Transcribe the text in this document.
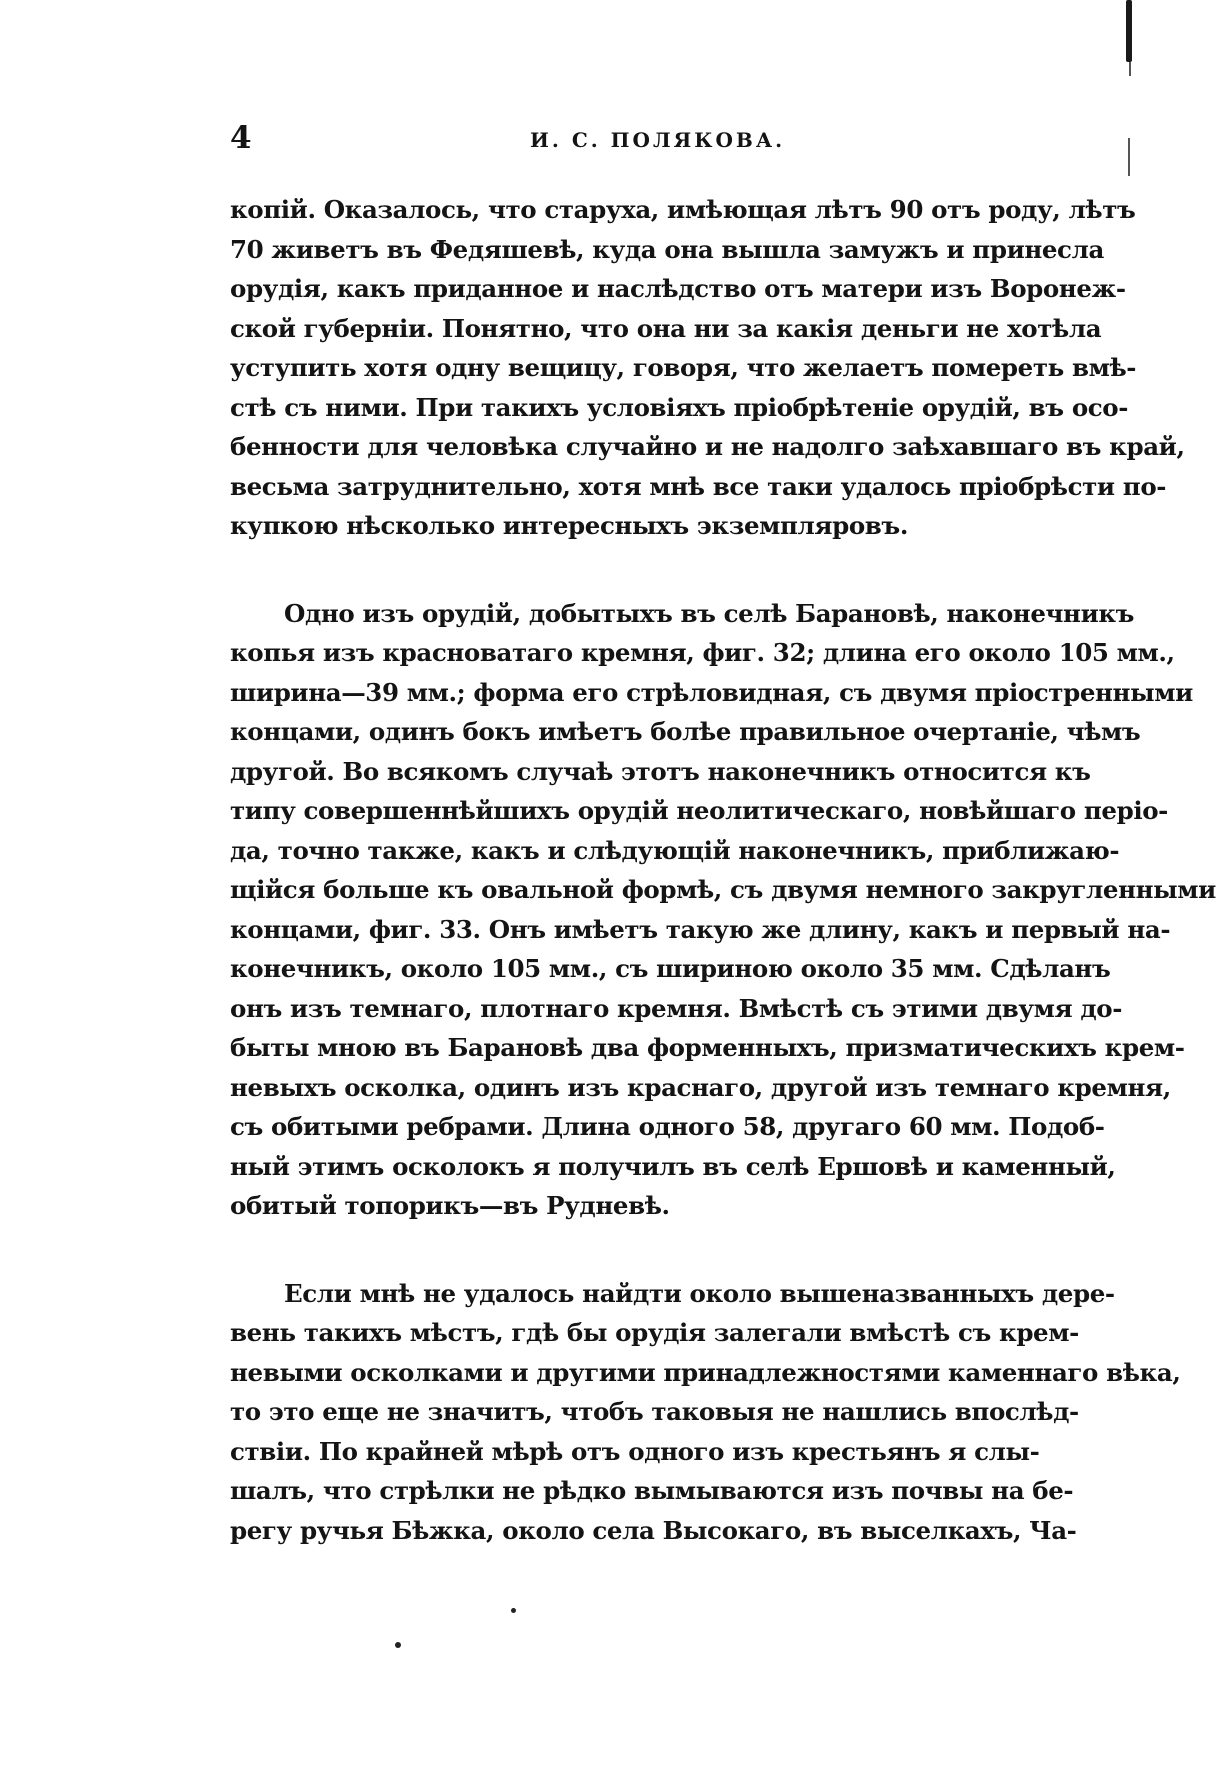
4	И. С. ПОЛЯКОВА.
копій. Оказалось, что старуха, имѣющая лѣтъ 90 отъ роду, лѣтъ
70 живетъ въ Федяшевѣ, куда она вышла замужъ и принесла
орудія, какъ приданное и наслѣдство отъ матери изъ Воронеж-
ской губерніи. Понятно, что она ни за какія деньги не хотѣла
уступить хотя одну вещицу, говоря, что желаетъ помереть вмѣ-
стѣ съ ними. При такихъ условіяхъ пріобрѣтеніе орудій, въ осо-
бенности для человѣка случайно и не надолго заѣхавшаго въ край,
весьма затруднительно, хотя мнѣ все таки удалось пріобрѣсти по-
купкою нѣсколько интересныхъ экземпляровъ.
Одно изъ орудій, добытыхъ въ селѣ Барановѣ, наконечникъ
копья изъ красноватаго кремня, фиг. 32; длина его около 105 мм.,
ширина—39 мм.; форма его стрѣловидная, съ двумя пріостренными
концами, одинъ бокъ имѣетъ болѣе правильное очертаніе, чѣмъ
другой. Во всякомъ случаѣ этотъ наконечникъ относится къ
типу совершеннѣйшихъ орудій неолитическаго, новѣйшаго періо-
да, точно также, какъ и слѣдующій наконечникъ, приближаю-
щійся больше къ овальной формѣ, съ двумя немного закругленными
концами, фиг. 33. Онъ имѣетъ такую же длину, какъ и первый на-
конечникъ, около 105 мм., съ шириною около 35 мм. Сдѣланъ
онъ изъ темнаго, плотнаго кремня. Вмѣстѣ съ этими двумя до-
быты мною въ Барановѣ два форменныхъ, призматическихъ крем-
невыхъ осколка, одинъ изъ краснаго, другой изъ темнаго кремня,
съ обитыми ребрами. Длина одного 58, другаго 60 мм. Подоб-
ный этимъ осколокъ я получилъ въ селѣ Ершовѣ и каменный,
обитый топорикъ—въ Рудневѣ.
Если мнѣ не удалось найдти около вышеназванныхъ дере-
вень такихъ мѣстъ, гдѣ бы орудія залегали вмѣстѣ съ крем-
невыми осколками и другими принадлежностями каменнаго вѣка,
то это еще не значитъ, чтобъ таковыя не нашлись впослѣд-
ствіи. По крайней мѣрѣ отъ одного изъ крестьянъ я слы-
шалъ, что стрѣлки не рѣдко вымываются изъ почвы на бе-
регу ручья Бѣжка, около села Высокаго, въ выселкахъ, Ча-
